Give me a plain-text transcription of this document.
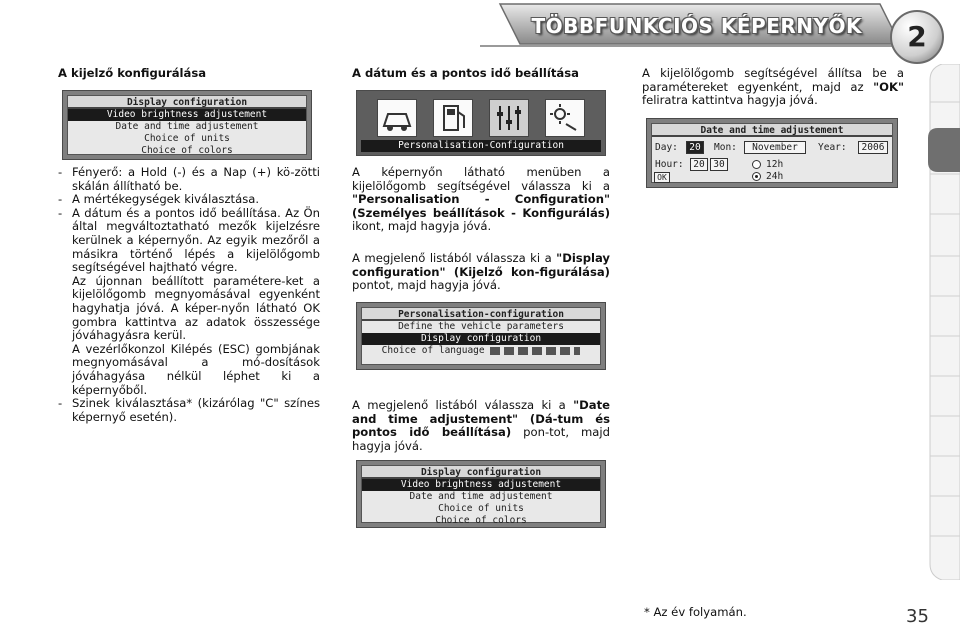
TÖBBFUNKCIÓS KÉPERNYŐK	2
A kijelző konfigurálása
Display configuration
Video brightness adjustement
Date and time adjustement
Choice of units
Choice of colors
- Fényerő: a Hold (-) és a Nap (+) kö-zötti skálán állítható be.
- A mértékegységek kiválasztása.
- A dátum és a pontos idő beállítása. Az Ön által megváltoztatható mezők kijelzésre kerülnek a képernyőn. Az egyik mezőről a másikra történő lépés a kijelölőgomb segítségével hajtható végre.

Az újonnan beállított paramétere-ket a kijelölőgomb megnyomásával egyenként hagyhatja jóvá. A képer-nyőn látható OK gombra kattintva az adatok összessége jóváhagyásra kerül.

A vezérlőkonzol Kilépés (ESC) gombjának megnyomásával a mó-dosítások jóváhagyása nélkül léphet ki a képernyőből.

- Szinek kiválasztása* (kizárólag "C" színes képernyő esetén).
A dátum és a pontos idő beállítása
Personalisation-Configuration
A képernyőn látható menüben a kijelölőgomb segítségével válassza ki a "Personalisation - Configuration" (Személyes beállítások - Konfigurálás) ikont, majd hagyja jóvá.
A megjelenő listából válassza ki a "Display configuration" (Kijelző kon-figurálása) pontot, majd hagyja jóvá.
Personalisation-configuration
Define the vehicle parameters
Display configuration
Choice of language
A megjelenő listából válassza ki a "Date and time adjustement" (Dá-tum és pontos idő beállítása) pon-tot, majd hagyja jóvá.
Display configuration
Video brightness adjustement
Date and time adjustement
Choice of units
Choice of colors
A kijelölőgomb segítségével állítsa be a paramétereket egyenként, majd az "OK" feliratra kattintva hagyja jóvá.
Date and time adjustement
Day:	20	Mon:	November	Year:	2006
Hour:	20 30	12h
24h
OK
* Az év folyamán.	35
